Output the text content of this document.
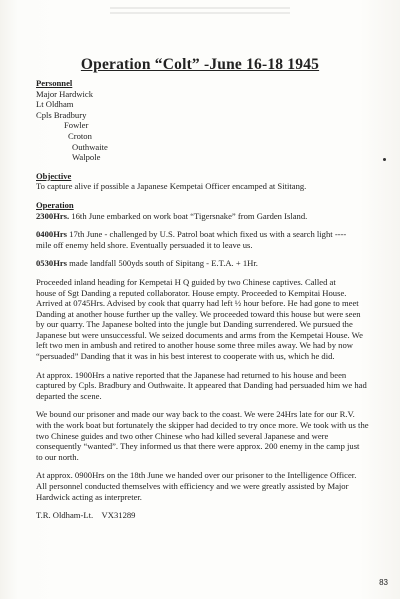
Operation “Colt” -June 16-18 1945
Personnel
Major Hardwick
Lt Oldham
Cpls Bradbury
Fowler
Croton
Outhwaite
Walpole
Objective
To capture alive if possible a Japanese Kempetai Officer encamped at Sititang.
Operation
2300Hrs. 16th June embarked on work boat “Tigersnake” from Garden Island.
0400Hrs 17th June - challenged by U.S. Patrol boat which fixed us with a search light ----
mile off enemy held shore. Eventually persuaded it to leave us.
0530Hrs made landfall 500yds south of Sipitang - E.T.A. + 1Hr.
Proceeded inland heading for Kempetai H Q guided by two Chinese captives. Called at
house of Sgt Danding a reputed collaborator. House empty. Proceeded to Kempitai House.
Arrived at 0745Hrs. Advised by cook that quarry had left ½ hour before. He had gone to meet
Danding at another house further up the valley. We proceeded toward this house but were seen
by our quarry. The Japanese bolted into the jungle but Danding surrendered. We pursued the
Japanese but were unsuccessful. We seized documents and arms from the Kempetai House. We
left two men in ambush and retired to another house some three miles away. We had by now
“persuaded” Danding that it was in his best interest to cooperate with us, which he did.
At approx. 1900Hrs a native reported that the Japanese had returned to his house and been
captured by Cpls. Bradbury and Outhwaite. It appeared that Danding had persuaded him we had
departed the scene.
We bound our prisoner and made our way back to the coast. We were 24Hrs late for our R.V.
with the work boat but fortunately the skipper had decided to try once more. We took with us the
two Chinese guides and two other Chinese who had killed several Japanese and were
consequently “wanted”. They informed us that there were approx. 200 enemy in the camp just
to our north.
At approx. 0900Hrs on the 18th June we handed over our prisoner to the Intelligence Officer.
All personnel conducted themselves with efficiency and we were greatly assisted by Major
Hardwick acting as interpreter.
T.R. Oldham-Lt.    VX31289
83
